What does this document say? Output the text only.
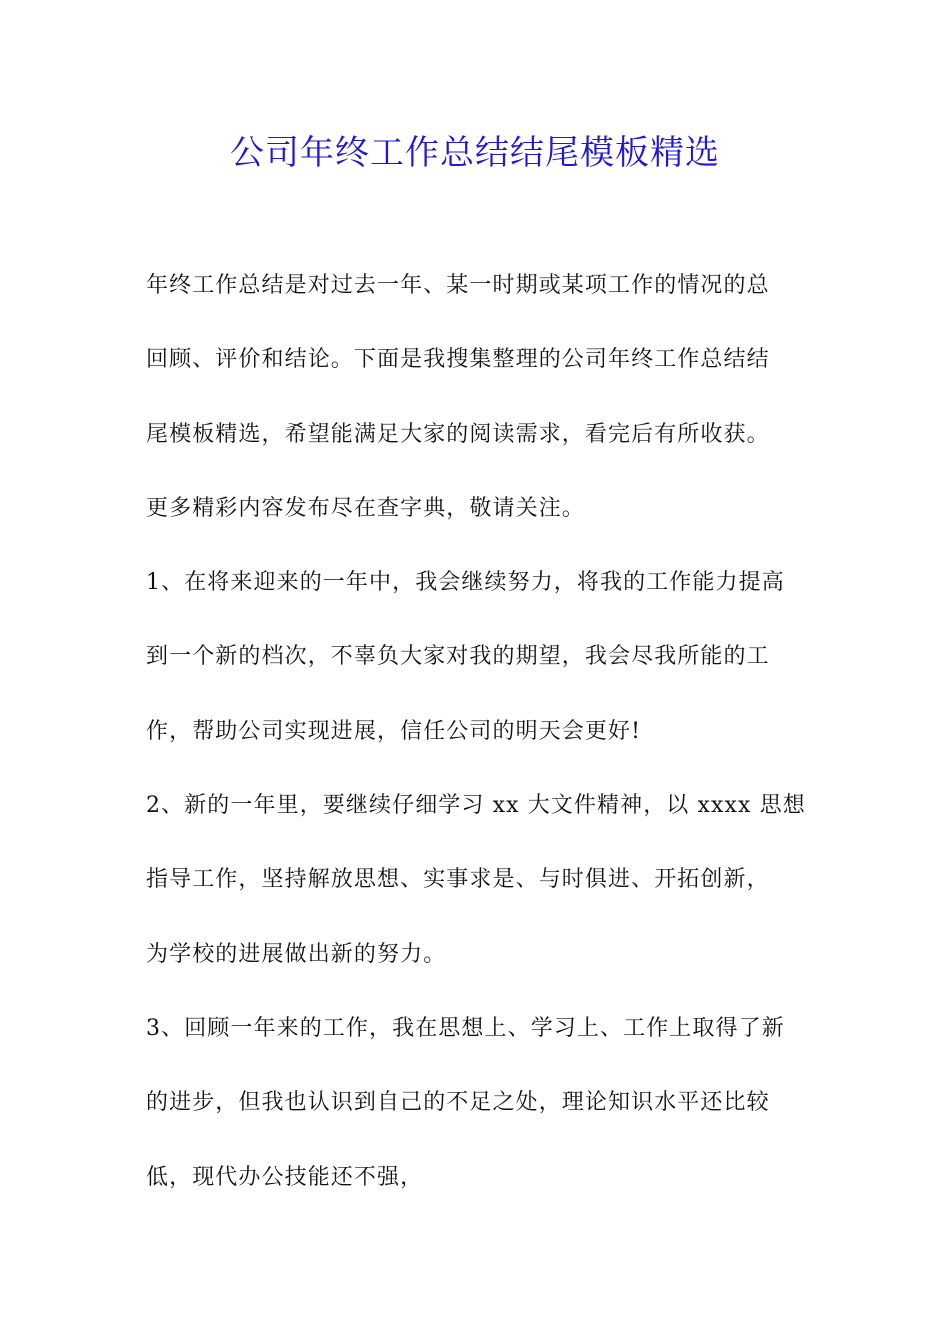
公司年终工作总结结尾模板精选
年终工作总结是对过去一年、某一时期或某项工作的情况的总
回顾、评价和结论。下面是我搜集整理的公司年终工作总结结
尾模板精选，希望能满足大家的阅读需求，看完后有所收获。
更多精彩内容发布尽在查字典，敬请关注。
1、在将来迎来的一年中，我会继续努力，将我的工作能力提高
到一个新的档次，不辜负大家对我的期望，我会尽我所能的工
作，帮助公司实现进展，信任公司的明天会更好!
2、新的一年里，要继续仔细学习 xx 大文件精神，以 xxxx 思想
指导工作，坚持解放思想、实事求是、与时俱进、开拓创新，
为学校的进展做出新的努力。
3、回顾一年来的工作，我在思想上、学习上、工作上取得了新
的进步，但我也认识到自己的不足之处，理论知识水平还比较
低，现代办公技能还不强，
